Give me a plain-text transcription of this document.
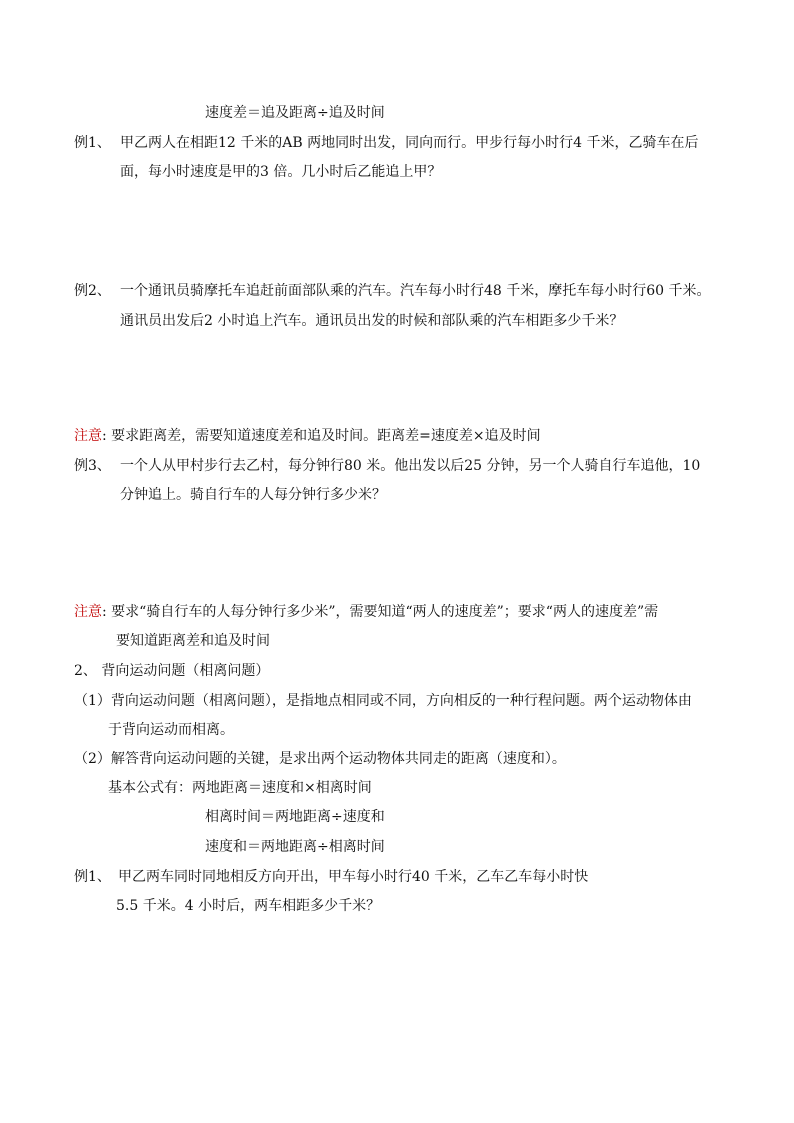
速度差＝追及距离÷追及时间
例1、 甲乙两人在相距12 千米的AB 两地同时出发，同向而行。甲步行每小时行4 千米，乙骑车在后
面，每小时速度是甲的3 倍。几小时后乙能追上甲？
例2、 一个通讯员骑摩托车追赶前面部队乘的汽车。汽车每小时行48 千米，摩托车每小时行60 千米。
通讯员出发后2 小时追上汽车。通讯员出发的时候和部队乘的汽车相距多少千米？
注意: 要求距离差，需要知道速度差和追及时间。距离差=速度差×追及时间
例3、 一个人从甲村步行去乙村，每分钟行80 米。他出发以后25 分钟，另一个人骑自行车追他，10
分钟追上。骑自行车的人每分钟行多少米？
注意: 要求“骑自行车的人每分钟行多少米”，需要知道“两人的速度差”；要求“两人的速度差”需
要知道距离差和追及时间
2、 背向运动问题（相离问题）
（1）背向运动问题（相离问题），是指地点相同或不同，方向相反的一种行程问题。两个运动物体由
于背向运动而相离。
（2）解答背向运动问题的关键，是求出两个运动物体共同走的距离（速度和）。
基本公式有：两地距离＝速度和×相离时间
相离时间＝两地距离÷速度和
速度和＝两地距离÷相离时间
例1、 甲乙两车同时同地相反方向开出，甲车每小时行40 千米，乙车乙车每小时快
5.5 千米。4 小时后，两车相距多少千米？
